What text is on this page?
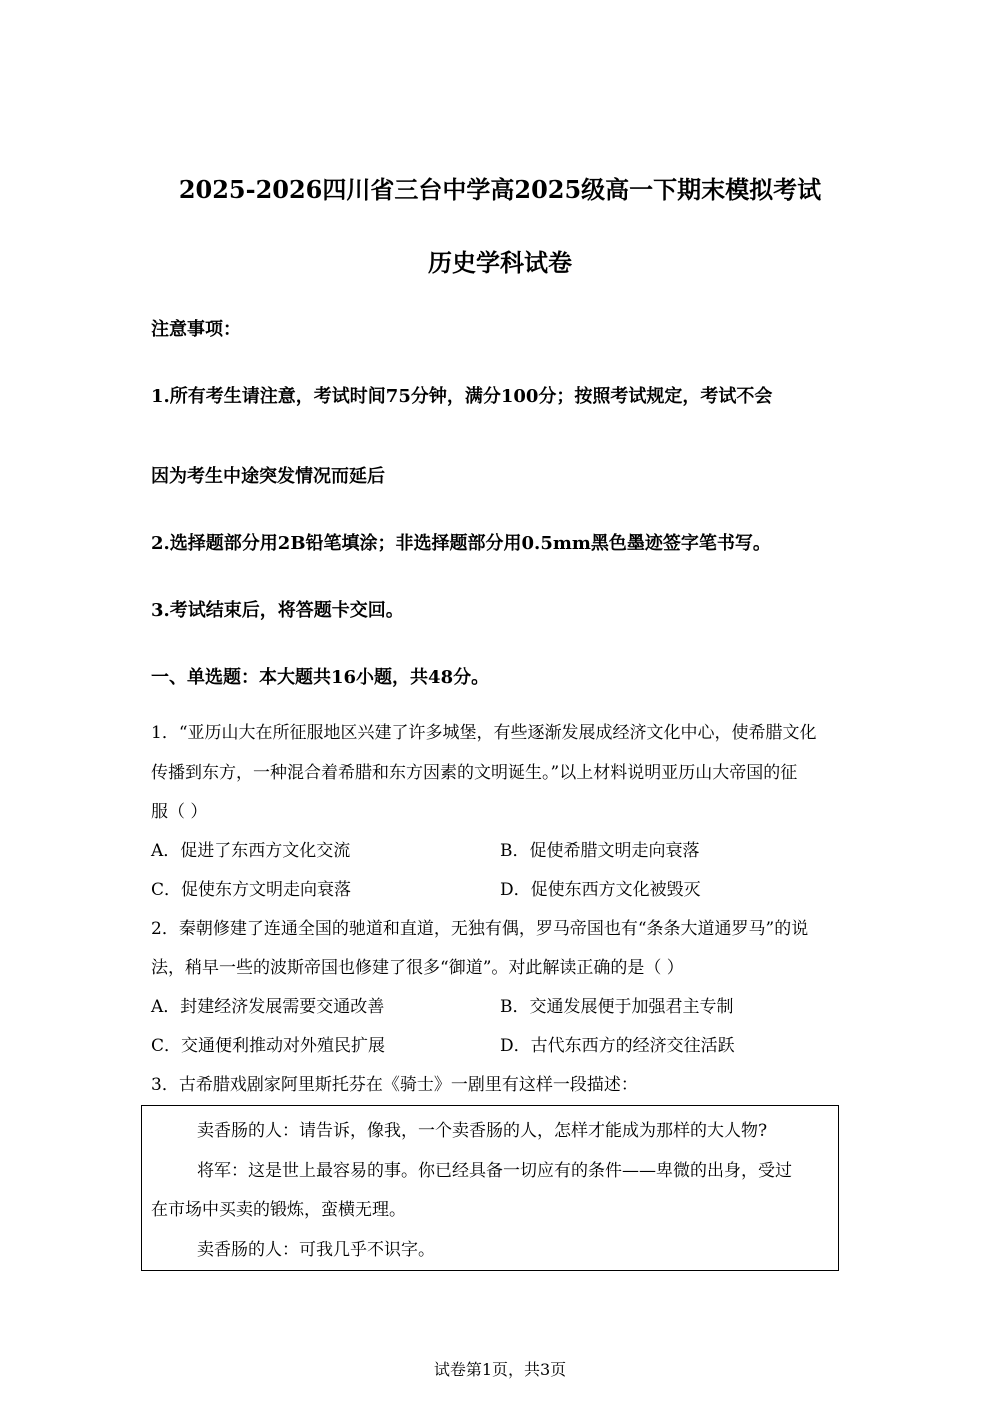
2025-2026四川省三台中学高2025级高一下期末模拟考试
历史学科试卷
注意事项：
1.所有考生请注意，考试时间75分钟，满分100分；按照考试规定，考试不会
因为考生中途突发情况而延后
2.选择题部分用2B铅笔填涂；非选择题部分用0.5mm黑色墨迹签字笔书写。
3.考试结束后，将答题卡交回。
一、单选题：本大题共16小题，共48分。
1．“亚历山大在所征服地区兴建了许多城堡，有些逐渐发展成经济文化中心，使希腊文化
传播到东方，一种混合着希腊和东方因素的文明诞生。”以上材料说明亚历山大帝国的征
服（ ）
A．促进了东西方文化交流	B．促使希腊文明走向衰落
C．促使东方文明走向衰落	D．促使东西方文化被毁灭
2．秦朝修建了连通全国的驰道和直道，无独有偶，罗马帝国也有“条条大道通罗马”的说
法，稍早一些的波斯帝国也修建了很多“御道”。对此解读正确的是（ ）
A．封建经济发展需要交通改善	B．交通发展便于加强君主专制
C．交通便利推动对外殖民扩展	D．古代东西方的经济交往活跃
3．古希腊戏剧家阿里斯托芬在《骑士》一剧里有这样一段描述：
卖香肠的人：请告诉，像我，一个卖香肠的人，怎样才能成为那样的大人物?
将军：这是世上最容易的事。你已经具备一切应有的条件——卑微的出身，受过
在市场中买卖的锻炼，蛮横无理。
卖香肠的人：可我几乎不识字。
试卷第1页，共3页
